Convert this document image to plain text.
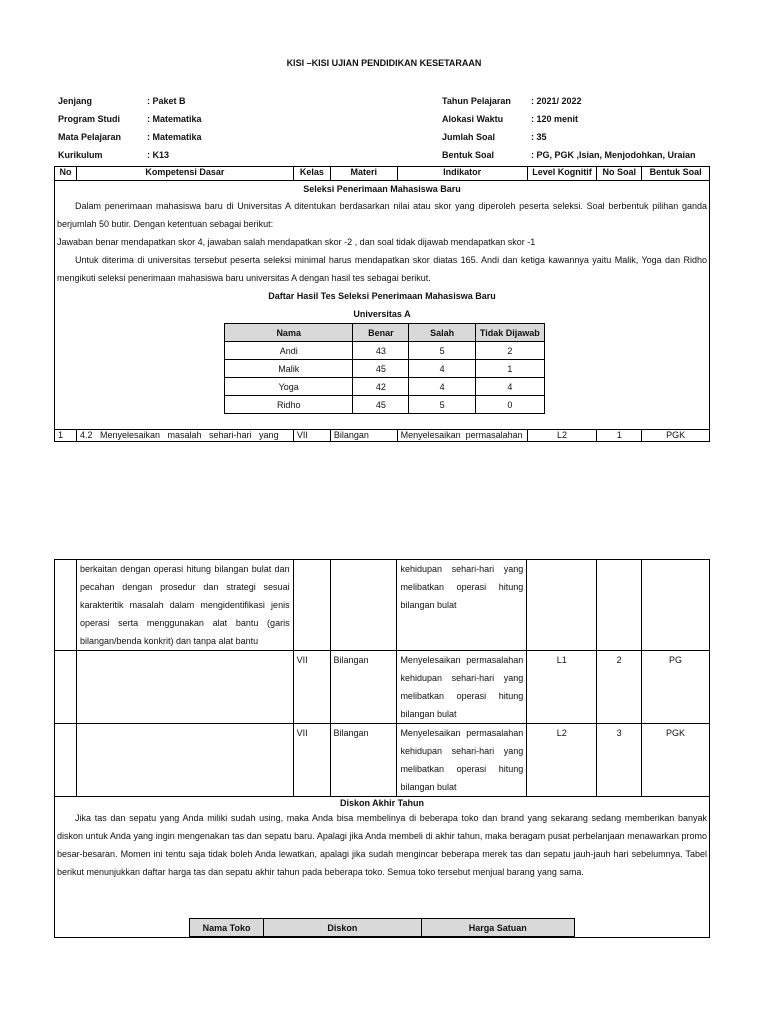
KISI –KISI UJIAN PENDIDIKAN KESETARAAN
Jenjang	: Paket B
Program Studi	: Matematika
Mata Pelajaran	: Matematika
Kurikulum	: K13
Tahun Pelajaran : 2021/ 2022
Alokasi Waktu	: 120 menit
Jumlah Soal	: 35
Bentuk Soal	: PG, PGK ,Isian, Menjodohkan, Uraian
No	Kompetensi Dasar	Kelas	Materi	Indikator	Level Kognitif	No Soal	Bentuk Soal

Seleksi Penerimaan Mahasiswa Baru
Dalam penerimaan mahasiswa baru di Universitas A ditentukan berdasarkan nilai atau skor yang diperoleh peserta seleksi. Soal berbentuk pilihan ganda berjumlah 50 butir. Dengan ketentuan sebagai berikut:
Jawaban benar mendapatkan skor 4, jawaban salah mendapatkan skor -2 , dan soal tidak dijawab mendapatkan skor -1
Untuk diterima di universitas tersebut peserta seleksi minimal harus mendapatkan skor diatas 165. Andi dan ketiga kawannya yaitu Malik, Yoga dan Ridho mengikuti seleksi penerimaan mahasiswa baru universitas A dengan hasil tes sebagai berikut.
Daftar Hasil Tes Seleksi Penerimaan Mahasiswa Baru
Universitas A
Nama	Benar	Salah	Tidak Dijawab
Andi	43	5	2
Malik	45	4	1
Yoga	42	4	4
Ridho	45	5	0

1	4.2   Menyelesaikan   masalah   sehari-hari   yang	VII	Bilangan	Menyelesaikan  permasalahan	L2	1	PGK
	berkaitan dengan operasi hitung bilangan bulat dan pecahan dengan prosedur dan strategi sesuai karakteritik masalah dalam mengidentifikasi jenis operasi serta menggunakan alat bantu (garis bilangan/benda konkrit) dan tanpa alat bantu			kehidupan sehari-hari yang melibatkan operasi hitung bilangan bulat			
		VII	Bilangan	Menyelesaikan permasalahan kehidupan sehari-hari yang melibatkan operasi hitung bilangan bulat	L1	2	PG
		VII	Bilangan	Menyelesaikan permasalahan kehidupan sehari-hari yang melibatkan operasi hitung bilangan bulat	L2	3	PGK

Diskon Akhir Tahun
Jika tas dan sepatu yang Anda miliki sudah using, maka Anda bisa membelinya di beberapa toko dan brand yang sekarang sedang memberikan banyak diskon untuk Anda yang ingin mengenakan tas dan sepatu baru. Apalagi jika Anda membeli di akhir tahun, maka beragam pusat perbelanjaan menawarkan promo besar-besaran. Momen ini tentu saja tidak boleh Anda lewatkan, apalagi jika sudah mengincar beberapa merek tas dan sepatu jauh-jauh hari sebelumnya. Tabel berikut menunjukkan daftar harga tas dan sepatu akhir tahun pada beberapa toko. Semua toko tersebut menjual barang yang sama.
Nama Toko	Diskon	Harga Satuan
